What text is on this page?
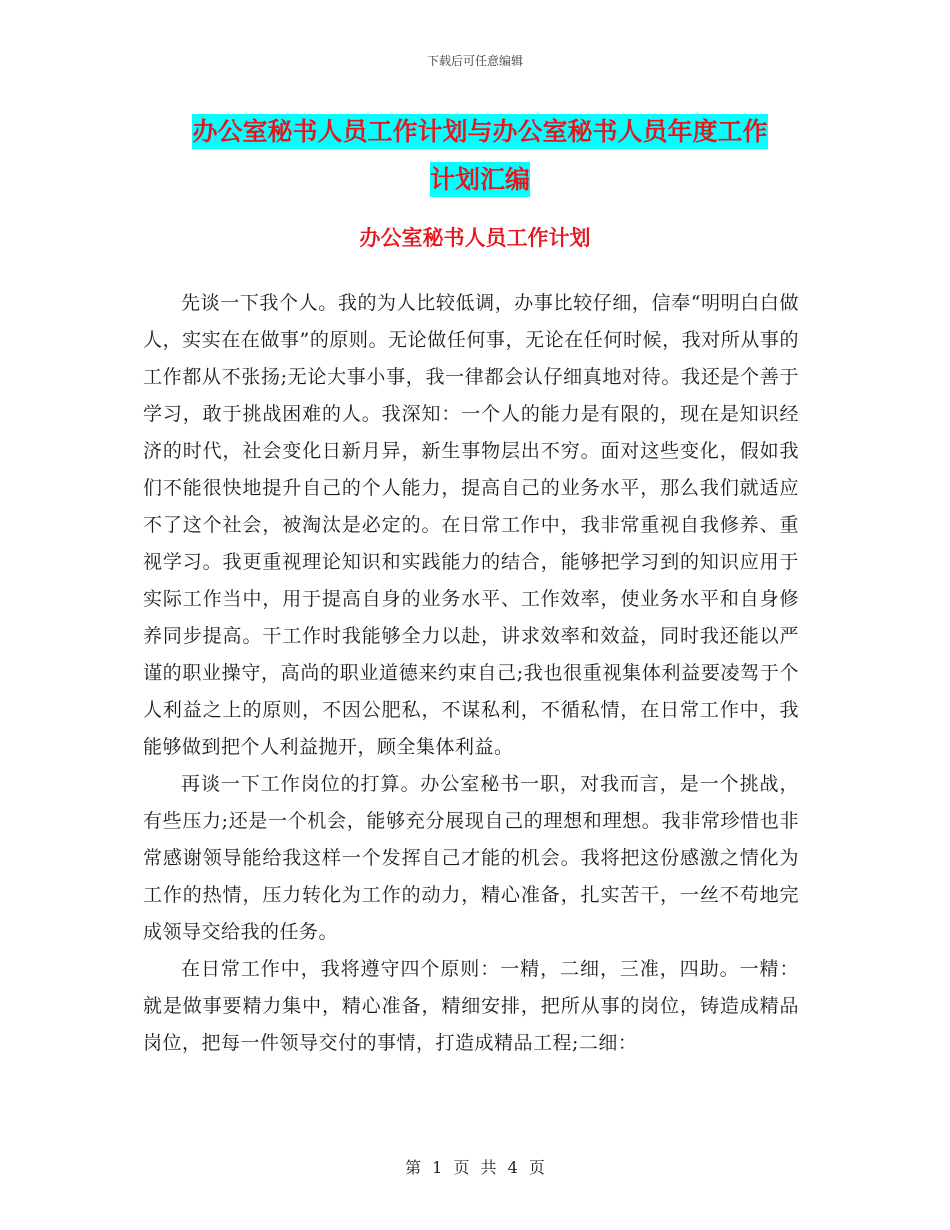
下载后可任意编辑
办公室秘书人员工作计划与办公室秘书人员年度工作
计划汇编
办公室秘书人员工作计划

先谈一下我个人。我的为人比较低调，办事比较仔细，信奉“明明白白做人，实实在在做事”的原则。无论做任何事，无论在任何时候，我对所从事的工作都从不张扬;无论大事小事，我一律都会认仔细真地对待。我还是个善于学习，敢于挑战困难的人。我深知：一个人的能力是有限的，现在是知识经济的时代，社会变化日新月异，新生事物层出不穷。面对这些变化，假如我们不能很快地提升自己的个人能力，提高自己的业务水平，那么我们就适应不了这个社会，被淘汰是必定的。在日常工作中，我非常重视自我修养、重视学习。我更重视理论知识和实践能力的结合，能够把学习到的知识应用于实际工作当中，用于提高自身的业务水平、工作效率，使业务水平和自身修养同步提高。干工作时我能够全力以赴，讲求效率和效益，同时我还能以严谨的职业操守，高尚的职业道德来约束自己;我也很重视集体利益要凌驾于个人利益之上的原则，不因公肥私，不谋私利，不循私情，在日常工作中，我能够做到把个人利益抛开，顾全集体利益。

再谈一下工作岗位的打算。办公室秘书一职，对我而言，是一个挑战，有些压力;还是一个机会，能够充分展现自己的理想和理想。我非常珍惜也非常感谢领导能给我这样一个发挥自己才能的机会。我将把这份感激之情化为工作的热情，压力转化为工作的动力，精心准备，扎实苦干，一丝不苟地完成领导交给我的任务。

在日常工作中，我将遵守四个原则：一精，二细，三准，四助。一精：就是做事要精力集中，精心准备，精细安排，把所从事的岗位，铸造成精品岗位，把每一件领导交付的事情，打造成精品工程;二细：

第 1 页 共 4 页
